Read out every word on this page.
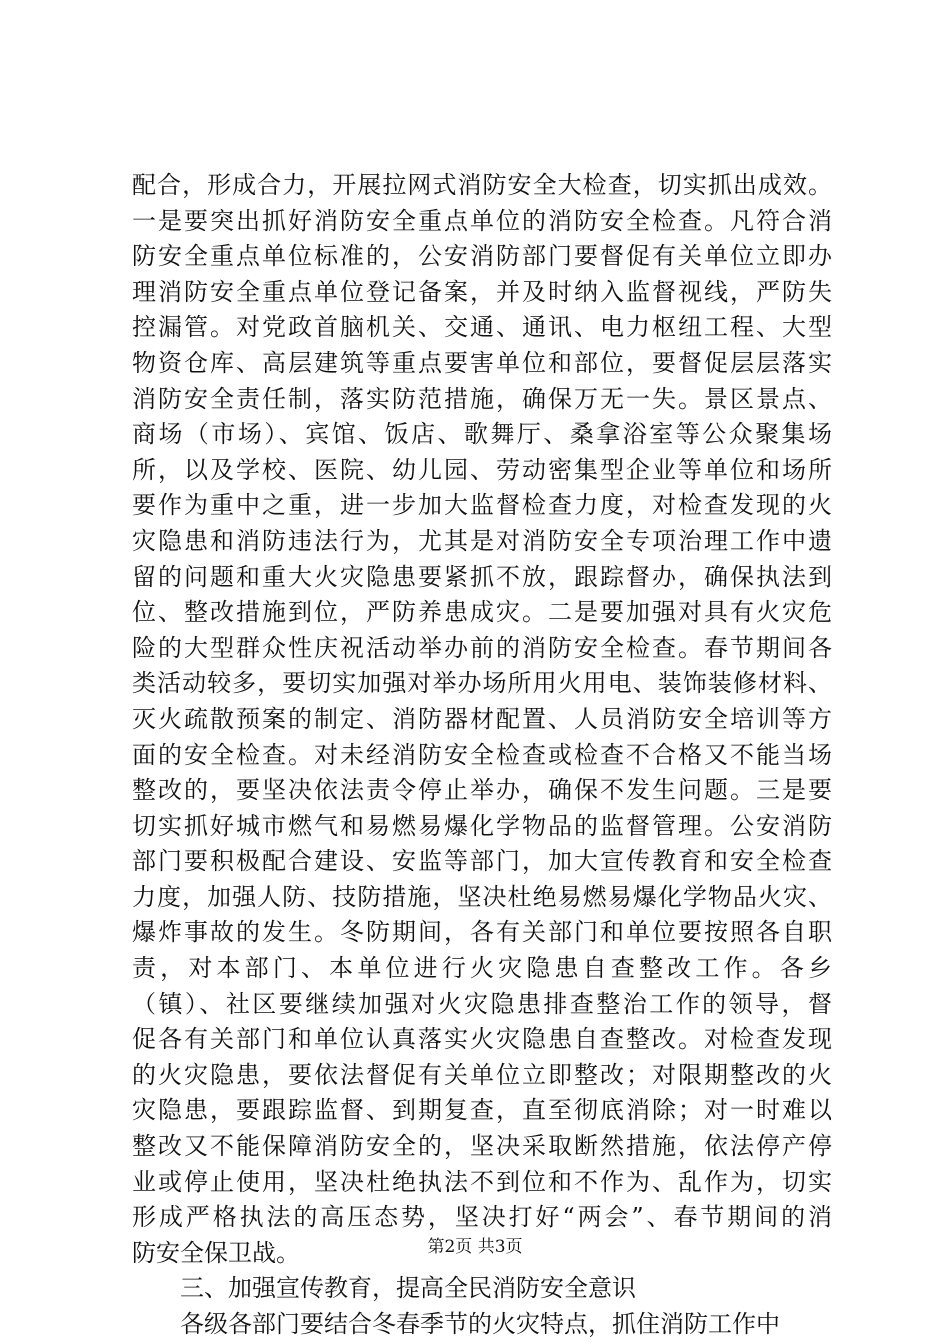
配合，形成合力，开展拉网式消防安全大检查，切实抓出成效。
一是要突出抓好消防安全重点单位的消防安全检查。凡符合消
防安全重点单位标准的，公安消防部门要督促有关单位立即办
理消防安全重点单位登记备案，并及时纳入监督视线，严防失
控漏管。对党政首脑机关、交通、通讯、电力枢纽工程、大型
物资仓库、高层建筑等重点要害单位和部位，要督促层层落实
消防安全责任制，落实防范措施，确保万无一失。景区景点、
商场（市场）、宾馆、饭店、歌舞厅、桑拿浴室等公众聚集场
所，以及学校、医院、幼儿园、劳动密集型企业等单位和场所
要作为重中之重，进一步加大监督检查力度，对检查发现的火
灾隐患和消防违法行为，尤其是对消防安全专项治理工作中遗
留的问题和重大火灾隐患要紧抓不放，跟踪督办，确保执法到
位、整改措施到位，严防养患成灾。二是要加强对具有火灾危
险的大型群众性庆祝活动举办前的消防安全检查。春节期间各
类活动较多，要切实加强对举办场所用火用电、装饰装修材料、
灭火疏散预案的制定、消防器材配置、人员消防安全培训等方
面的安全检查。对未经消防安全检查或检查不合格又不能当场
整改的，要坚决依法责令停止举办，确保不发生问题。三是要
切实抓好城市燃气和易燃易爆化学物品的监督管理。公安消防
部门要积极配合建设、安监等部门，加大宣传教育和安全检查
力度，加强人防、技防措施，坚决杜绝易燃易爆化学物品火灾、
爆炸事故的发生。冬防期间，各有关部门和单位要按照各自职
责，对本部门、本单位进行火灾隐患自查整改工作。各乡
（镇）、社区要继续加强对火灾隐患排查整治工作的领导，督
促各有关部门和单位认真落实火灾隐患自查整改。对检查发现
的火灾隐患，要依法督促有关单位立即整改；对限期整改的火
灾隐患，要跟踪监督、到期复查，直至彻底消除；对一时难以
整改又不能保障消防安全的，坚决采取断然措施，依法停产停
业或停止使用，坚决杜绝执法不到位和不作为、乱作为，切实
形成严格执法的高压态势，坚决打好“两会”、春节期间的消
防安全保卫战。
三、加强宣传教育，提高全民消防安全意识
各级各部门要结合冬春季节的火灾特点，抓住消防工作中
第2页 共3页
